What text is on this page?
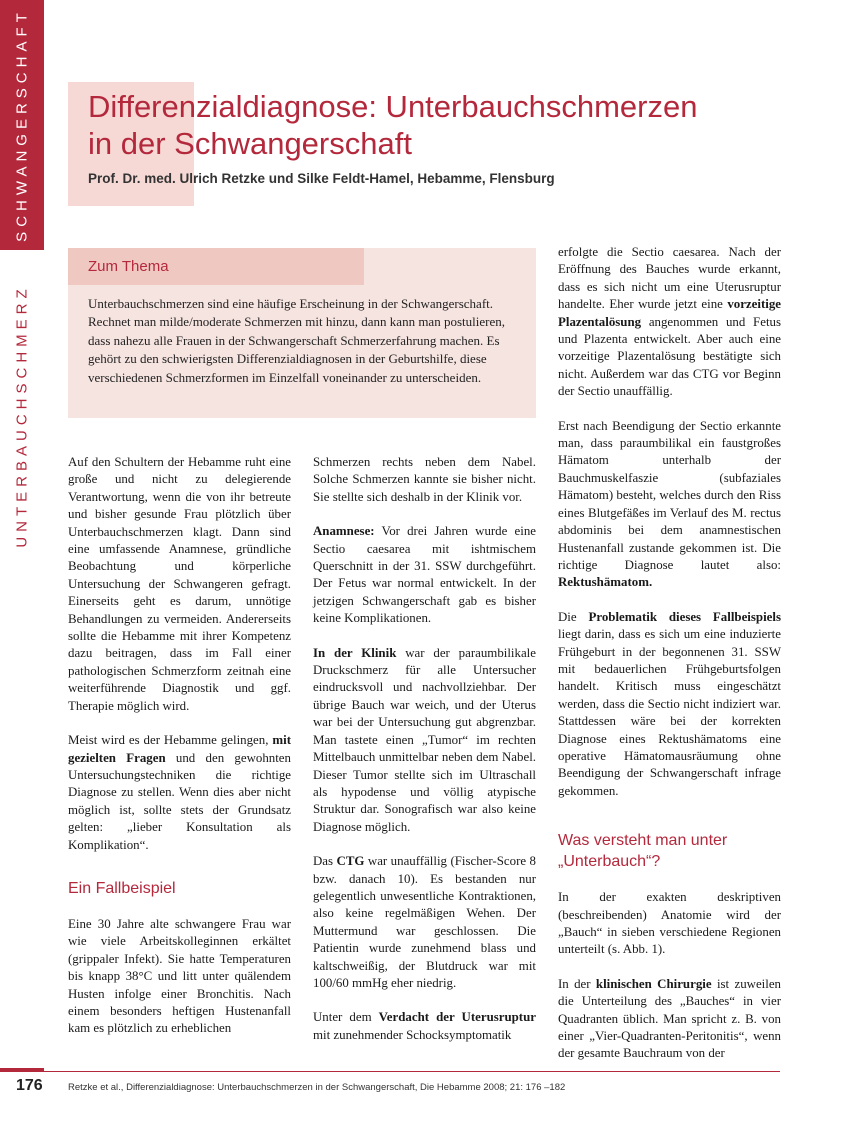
SCHWANGERSCHAFT
UNTERBAUCHSCHMERZ
Differenzialdiagnose: Unterbauchschmerzen
in der Schwangerschaft

Prof. Dr. med. Ulrich Retzke und Silke Feldt-Hamel, Hebamme, Flensburg

Zum Thema

Unterbauchschmerzen sind eine häufige Erscheinung in der Schwangerschaft. Rechnet man milde/moderate Schmerzen mit hinzu, dann kann man postulieren, dass nahezu alle Frauen in der Schwangerschaft Schmerzerfahrung machen. Es gehört zu den schwierigsten Differenzialdiagnosen in der Geburtshilfe, diese verschiedenen Schmerzformen im Einzelfall voneinander zu unterscheiden.

Auf den Schultern der Hebamme ruht eine große und nicht zu delegierende Verantwortung, wenn die von ihr betreute und bisher gesunde Frau plötzlich über Unterbauchschmerzen klagt. Dann sind eine umfassende Anamnese, gründliche Beobachtung und körperliche Untersuchung der Schwangeren gefragt. Einerseits geht es darum, unnötige Behandlungen zu vermeiden. Andererseits sollte die Hebamme mit ihrer Kompetenz dazu beitragen, dass im Fall einer pathologischen Schmerzform zeitnah eine weiterführende Diagnostik und ggf. Therapie möglich wird.

Meist wird es der Hebamme gelingen, mit gezielten Fragen und den gewohnten Untersuchungstechniken die richtige Diagnose zu stellen. Wenn dies aber nicht möglich ist, sollte stets der Grundsatz gelten: „lieber Konsultation als Komplikation“.

Ein Fallbeispiel

Eine 30 Jahre alte schwangere Frau war wie viele Arbeitskolleginnen erkältet (grippaler Infekt). Sie hatte Temperaturen bis knapp 38°C und litt unter quälendem Husten infolge einer Bronchitis. Nach einem besonders heftigen Hustenanfall kam es plötzlich zu erheblichen

Schmerzen rechts neben dem Nabel. Solche Schmerzen kannte sie bisher nicht. Sie stellte sich deshalb in der Klinik vor.

Anamnese: Vor drei Jahren wurde eine Sectio caesarea mit ishtmischem Querschnitt in der 31. SSW durchgeführt. Der Fetus war normal entwickelt. In der jetzigen Schwangerschaft gab es bisher keine Komplikationen.

In der Klinik war der paraumbilikale Druckschmerz für alle Untersucher eindrucksvoll und nachvollziehbar. Der übrige Bauch war weich, und der Uterus war bei der Untersuchung gut abgrenzbar. Man tastete einen „Tumor“ im rechten Mittelbauch unmittelbar neben dem Nabel. Dieser Tumor stellte sich im Ultraschall als hypodense und völlig atypische Struktur dar. Sonografisch war also keine Diagnose möglich.

Das CTG war unauffällig (Fischer-Score 8 bzw. danach 10). Es bestanden nur gelegentlich unwesentliche Kontraktionen, also keine regelmäßigen Wehen. Der Muttermund war geschlossen. Die Patientin wurde zunehmend blass und kaltschweißig, der Blutdruck war mit 100/60 mmHg eher niedrig.

Unter dem Verdacht der Uterusruptur mit zunehmender Schocksymptomatik

erfolgte die Sectio caesarea. Nach der Eröffnung des Bauches wurde erkannt, dass es sich nicht um eine Uterusruptur handelte. Eher wurde jetzt eine vorzeitige Plazentalösung angenommen und Fetus und Plazenta entwickelt. Aber auch eine vorzeitige Plazentalösung bestätigte sich nicht. Außerdem war das CTG vor Beginn der Sectio unauffällig.

Erst nach Beendigung der Sectio erkannte man, dass paraumbilikal ein faustgroßes Hämatom unterhalb der Bauchmuskelfaszie (subfaziales Hämatom) besteht, welches durch den Riss eines Blutgefäßes im Verlauf des M. rectus abdominis bei dem anamnestischen Hustenanfall zustande gekommen ist. Die richtige Diagnose lautet also: Rektushämatom.

Die Problematik dieses Fallbeispiels liegt darin, dass es sich um eine induzierte Frühgeburt in der begonnenen 31. SSW mit bedauerlichen Frühgeburtsfolgen handelt. Kritisch muss eingeschätzt werden, dass die Sectio nicht indiziert war. Stattdessen wäre bei der korrekten Diagnose eines Rektushämatoms eine operative Hämatomausräumung ohne Beendigung der Schwangerschaft infrage gekommen.

Was versteht man unter „Unterbauch“?

In der exakten deskriptiven (beschreibenden) Anatomie wird der „Bauch“ in sieben verschiedene Regionen unterteilt (s. Abb. 1).

In der klinischen Chirurgie ist zuweilen die Unterteilung des „Bauches“ in vier Quadranten üblich. Man spricht z. B. von einer „Vier-Quadranten-Peritonitis“, wenn der gesamte Bauchraum von der

176	Retzke et al., Differenzialdiagnose: Unterbauchschmerzen in der Schwangerschaft, Die Hebamme 2008; 21: 176 –182
